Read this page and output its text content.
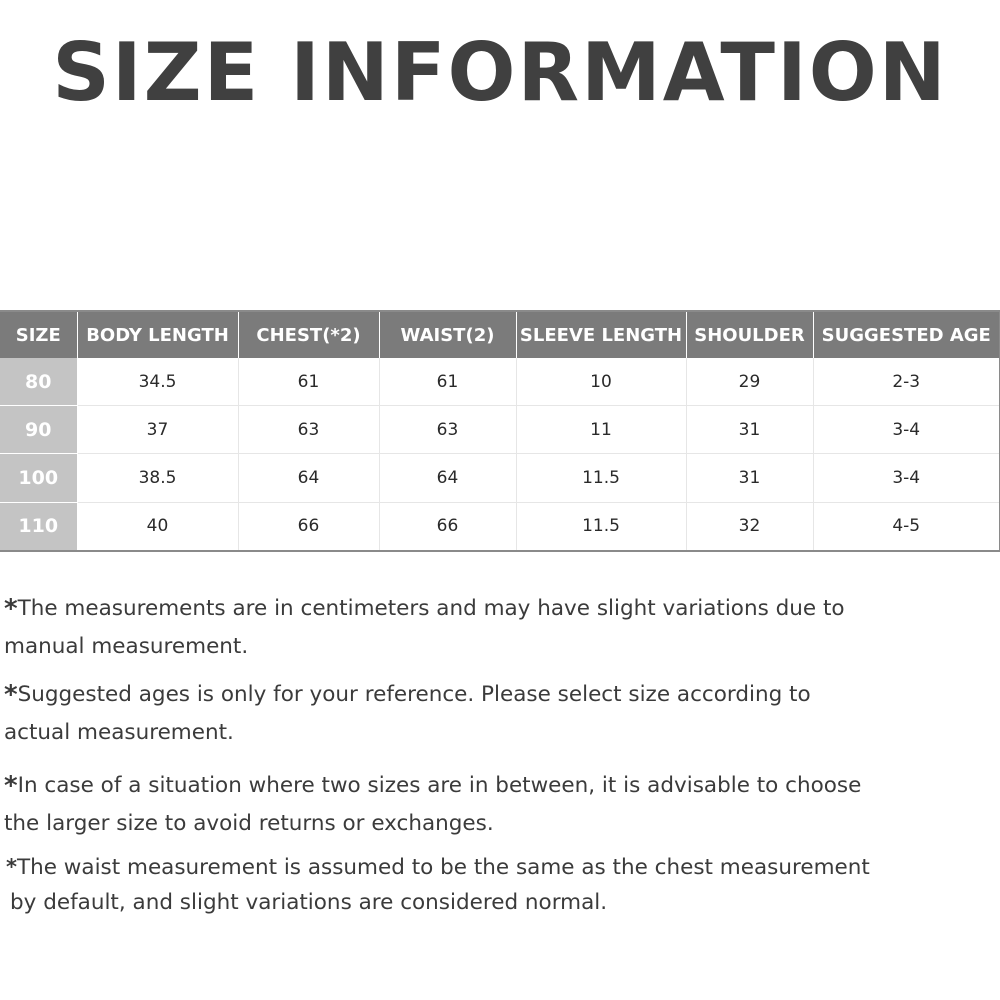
SIZE INFORMATION
SIZE	BODY LENGTH	CHEST(*2)	WAIST(2)	SLEEVE LENGTH	SHOULDER	SUGGESTED AGE
80	34.5	61	61	10	29	2-3
90	37	63	63	11	31	3-4
100	38.5	64	64	11.5	31	3-4
110	40	66	66	11.5	32	4-5

*The measurements are in centimeters and may have slight variations due to
manual measurement.

*Suggested ages is only for your reference. Please select size according to
actual measurement.

*In case of a situation where two sizes are in between, it is advisable to choose
the larger size to avoid returns or exchanges.

*The waist measurement is assumed to be the same as the chest measurement
by default, and slight variations are considered normal.
